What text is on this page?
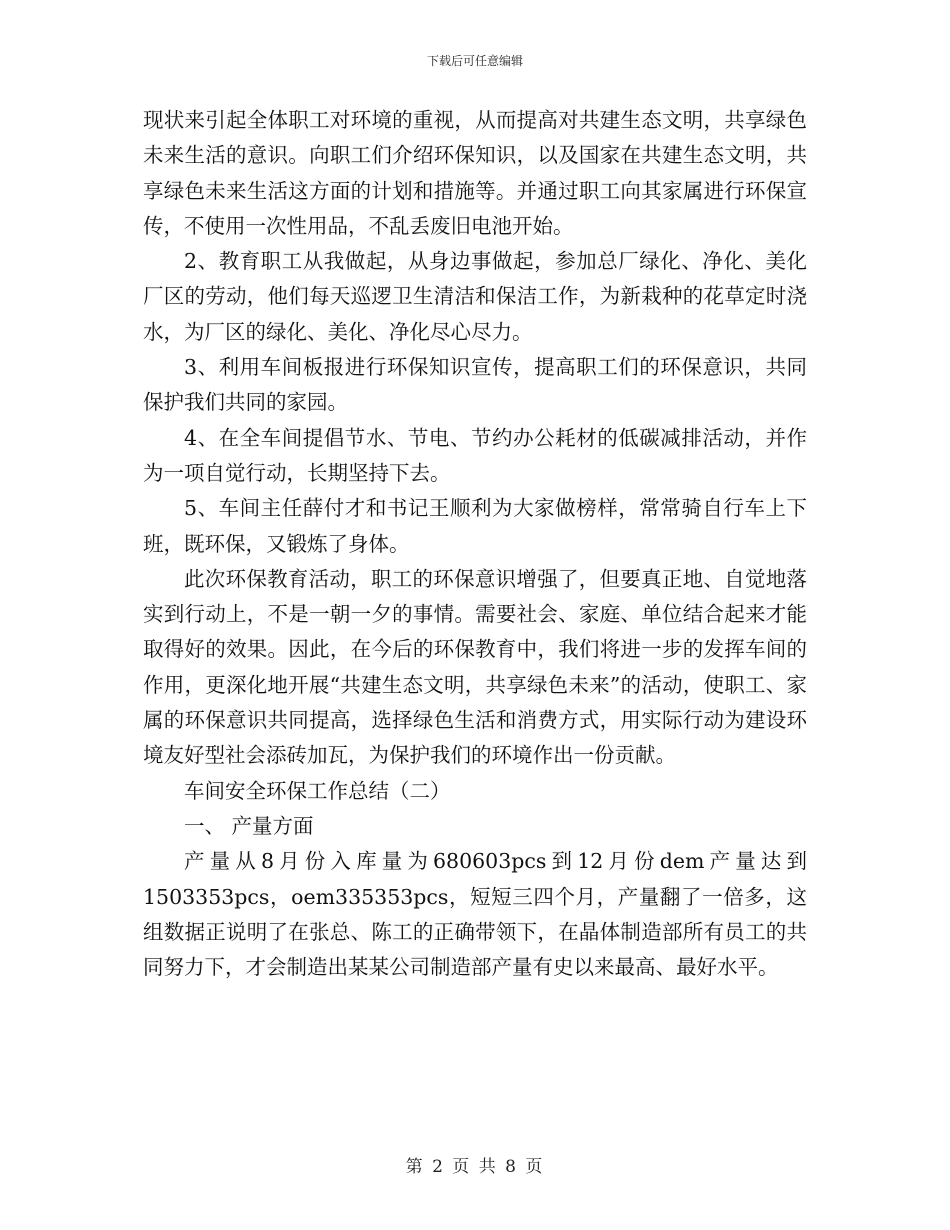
下载后可任意编辑

现状来引起全体职工对环境的重视，从而提高对共建生态文明，共享绿色未来生活的意识。向职工们介绍环保知识，以及国家在共建生态文明，共享绿色未来生活这方面的计划和措施等。并通过职工向其家属进行环保宣传，不使用一次性用品，不乱丢废旧电池开始。

2、教育职工从我做起，从身边事做起，参加总厂绿化、净化、美化厂区的劳动，他们每天巡逻卫生清洁和保洁工作，为新栽种的花草定时浇水，为厂区的绿化、美化、净化尽心尽力。

3、利用车间板报进行环保知识宣传，提高职工们的环保意识，共同保护我们共同的家园。

4、在全车间提倡节水、节电、节约办公耗材的低碳减排活动，并作为一项自觉行动，长期坚持下去。

5、车间主任薛付才和书记王顺利为大家做榜样，常常骑自行车上下班，既环保，又锻炼了身体。

此次环保教育活动，职工的环保意识增强了，但要真正地、自觉地落实到行动上，不是一朝一夕的事情。需要社会、家庭、单位结合起来才能取得好的效果。因此，在今后的环保教育中，我们将进一步的发挥车间的作用，更深化地开展“共建生态文明，共享绿色未来”的活动，使职工、家属的环保意识共同提高，选择绿色生活和消费方式，用实际行动为建设环境友好型社会添砖加瓦，为保护我们的环境作出一份贡献。

车间安全环保工作总结（二）

一、 产量方面

产量从8月份入库量为680603pcs到12月份dem产量达到1503353pcs，oem335353pcs，短短三四个月，产量翻了一倍多，这组数据正说明了在张总、陈工的正确带领下，在晶体制造部所有员工的共同努力下，才会制造出某某公司制造部产量有史以来最高、最好水平。

第 2 页 共 8 页
